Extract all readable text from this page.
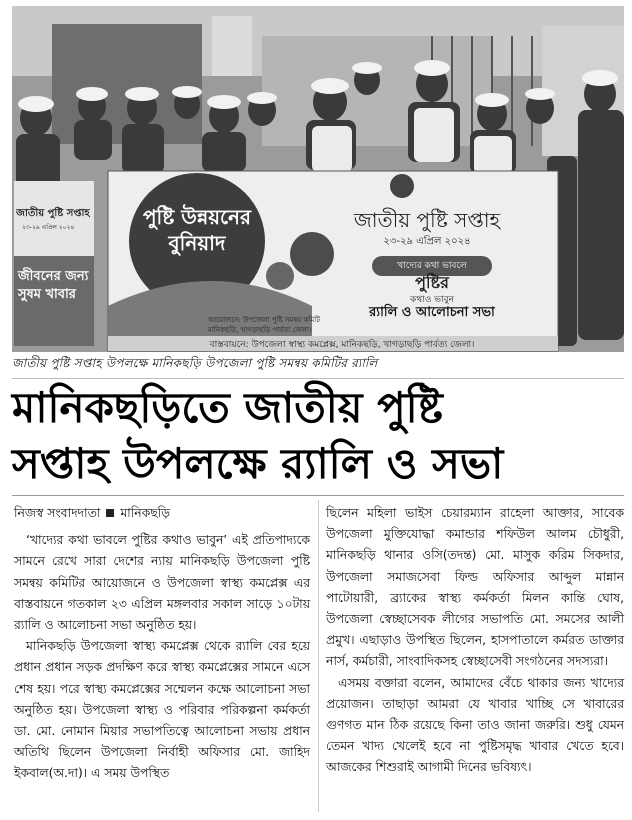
পুষ্টি উন্নয়নের বুনিয়াদ
জাতীয় পুষ্টি সপ্তাহ
২৩-২৯ এপ্রিল ২০২৪
খাদ্যের কথা ভাবলে
পুষ্টির
কথাও ভাবুন
র‍্যালি ও আলোচনা সভা
আয়োজনে: উপজেলা পুষ্টি সমন্বয় কমিটি
মানিকছড়ি, খাগড়াছড়ি পার্বত্য জেলা।
বাস্তবায়নে: উপজেলা স্বাস্থ্য কমপ্লেক্স, মানিকছড়ি, খাগড়াছড়ি পার্বত্য জেলা।
জাতীয় পুষ্টি সপ্তাহ
২৩-২৯ এপ্রিল ২০২৪
জীবনের জন্য সুষম খাবার
জাতীয় পুষ্টি সপ্তাহ উপলক্ষে মানিকছড়ি উপজেলা পুষ্টি সমন্বয় কমিটির র‍্যালি
মানিকছড়িতে জাতীয় পুষ্টি
সপ্তাহ উপলক্ষে র‍্যালি ও সভা
নিজস্ব সংবাদদাতা মানিকছড়ি

‘খাদ্যের কথা ভাবলে পুষ্টির কথাও ভাবুন’ এই প্রতিপাদ্যকে সামনে রেখে সারা দেশের ন্যায় মানিকছড়ি উপজেলা পুষ্টি সমন্বয় কমিটির আয়োজনে ও উপজেলা স্বাস্থ্য কমপ্লেক্স এর বাস্তবায়নে গতকাল ২৩ এপ্রিল মঙ্গলবার সকাল সাড়ে ১০টায় র‍্যালি ও আলোচনা সভা অনুষ্ঠিত হয়।

মানিকছড়ি উপজেলা স্বাস্থ্য কমপ্লেক্স থেকে র‍্যালি বের হয়ে প্রধান প্রধান সড়ক প্রদক্ষিণ করে স্বাস্থ্য কমপ্লেক্সের সামনে এসে শেষ হয়। পরে স্বাস্থ্য কমপ্লেক্সের সম্মেলন কক্ষে আলোচনা সভা অনুষ্ঠিত হয়। উপজেলা স্বাস্থ্য ও পরিবার পরিকল্পনা কর্মকর্তা ডা. মো. নোমান মিয়ার সভাপতিত্বে আলোচনা সভায় প্রধান অতিথি ছিলেন উপজেলা নির্বাহী অফিসার মো. জাহিদ ইকবাল(অ.দা)। এ সময় উপস্থিত

ছিলেন মহিলা ভাইস চেয়ারম্যান রাহেলা আক্তার, সাবেক উপজেলা মুক্তিযোদ্ধা কমান্ডার শফিউল আলম চৌধুরী, মানিকছড়ি থানার ওসি(তদন্ত) মো. মাসুক করিম সিকদার, উপজেলা সমাজসেবা ফিল্ড অফিসার আব্দুল মান্নান পাটোয়ারী, ব্র্যাকের স্বাস্থ্য কর্মকর্তা মিলন কান্তি ঘোষ, উপজেলা স্বেচ্ছাসেবক লীগের সভাপতি মো. সমসের আলী প্রমুখ। এছাড়াও উপস্থিত ছিলেন, হাসপাতালে কর্মরত ডাক্তার নার্স, কর্মচারী, সাংবাদিকসহ স্বেচ্ছাসেবী সংগঠনের সদস্যরা।

এসময় বক্তারা বলেন, আমাদের বেঁচে থাকার জন্য খাদ্যের প্রয়োজন। তাছাড়া আমরা যে খাবার খাচ্ছি সে খাবারের গুণগত মান ঠিক রয়েছে কিনা তাও জানা জরুরি। শুধু যেমন তেমন খাদ্য খেলেই হবে না পুষ্টিসমৃদ্ধ খাবার খেতে হবে। আজকের শিশুরাই আগামী দিনের ভবিষ্যৎ।
